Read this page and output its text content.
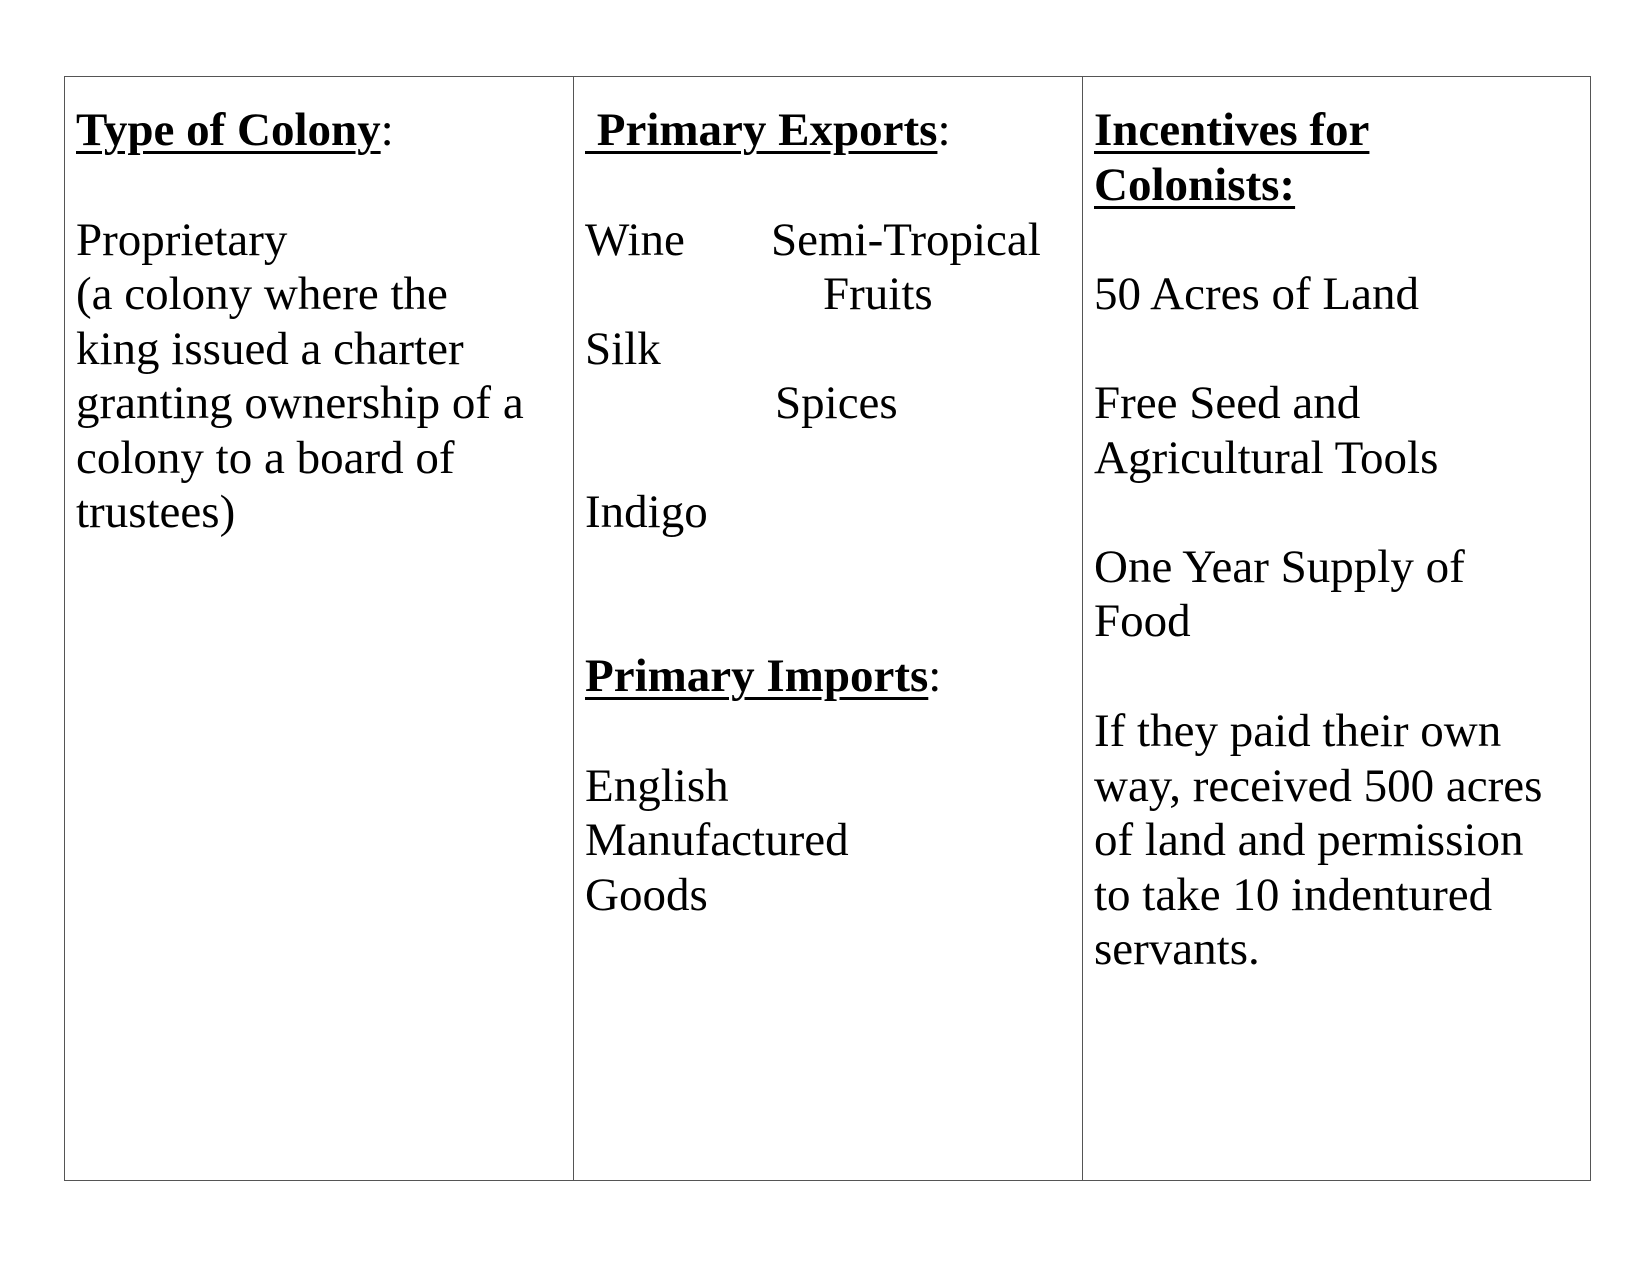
Type of Colony:

Proprietary

(a colony where the

king issued a charter

granting ownership of a

colony to a board of

trustees)

Primary Exports:

Wine Semi-Tropical

Fruits

Silk

Spices

Indigo

Primary Imports:

English

Manufactured

Goods

Incentives for

Colonists:

50 Acres of Land

Free Seed and

Agricultural Tools

One Year Supply of

Food

If they paid their own

way, received 500 acres

of land and permission

to take 10 indentured

servants.
